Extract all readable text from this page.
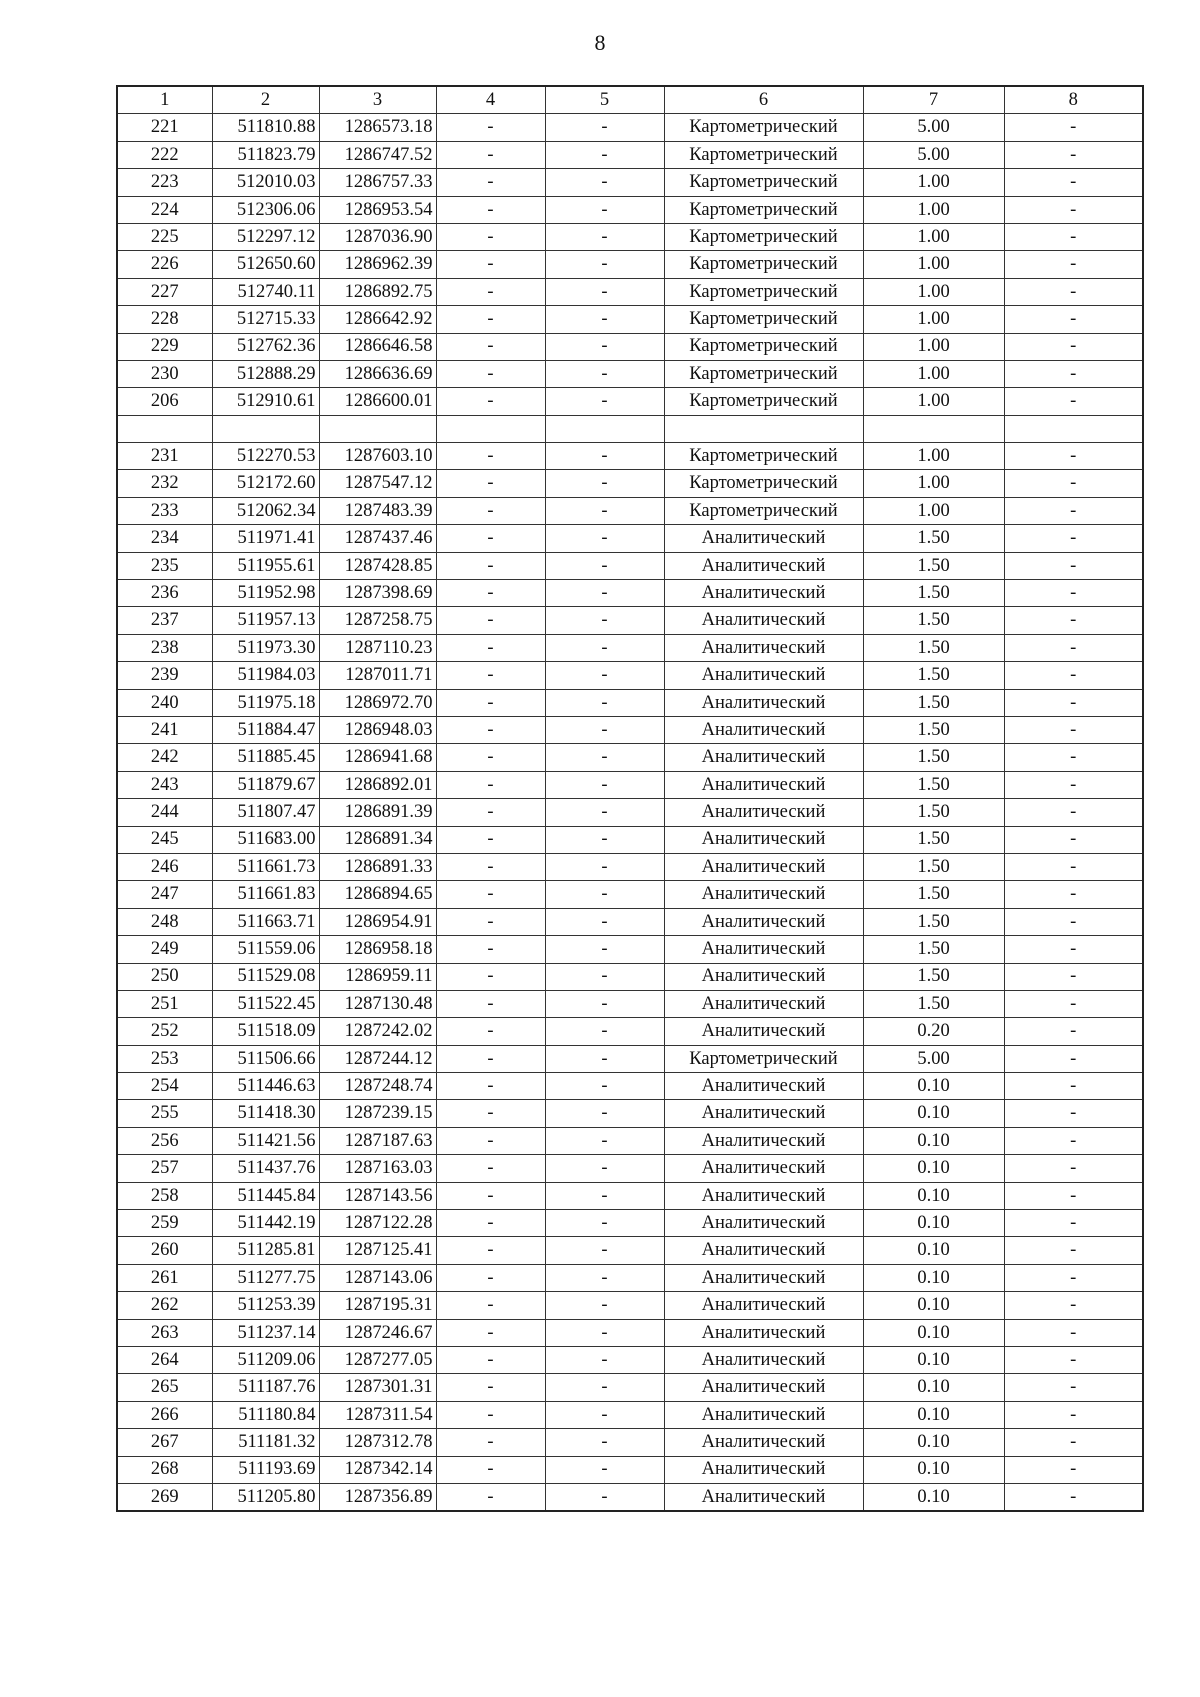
8
1	2	3	4	5	6	7	8
221	511810.88	1286573.18	-	-	Картометрический	5.00	-
222	511823.79	1286747.52	-	-	Картометрический	5.00	-
223	512010.03	1286757.33	-	-	Картометрический	1.00	-
224	512306.06	1286953.54	-	-	Картометрический	1.00	-
225	512297.12	1287036.90	-	-	Картометрический	1.00	-
226	512650.60	1286962.39	-	-	Картометрический	1.00	-
227	512740.11	1286892.75	-	-	Картометрический	1.00	-
228	512715.33	1286642.92	-	-	Картометрический	1.00	-
229	512762.36	1286646.58	-	-	Картометрический	1.00	-
230	512888.29	1286636.69	-	-	Картометрический	1.00	-
206	512910.61	1286600.01	-	-	Картометрический	1.00	-

231	512270.53	1287603.10	-	-	Картометрический	1.00	-
232	512172.60	1287547.12	-	-	Картометрический	1.00	-
233	512062.34	1287483.39	-	-	Картометрический	1.00	-
234	511971.41	1287437.46	-	-	Аналитический	1.50	-
235	511955.61	1287428.85	-	-	Аналитический	1.50	-
236	511952.98	1287398.69	-	-	Аналитический	1.50	-
237	511957.13	1287258.75	-	-	Аналитический	1.50	-
238	511973.30	1287110.23	-	-	Аналитический	1.50	-
239	511984.03	1287011.71	-	-	Аналитический	1.50	-
240	511975.18	1286972.70	-	-	Аналитический	1.50	-
241	511884.47	1286948.03	-	-	Аналитический	1.50	-
242	511885.45	1286941.68	-	-	Аналитический	1.50	-
243	511879.67	1286892.01	-	-	Аналитический	1.50	-
244	511807.47	1286891.39	-	-	Аналитический	1.50	-
245	511683.00	1286891.34	-	-	Аналитический	1.50	-
246	511661.73	1286891.33	-	-	Аналитический	1.50	-
247	511661.83	1286894.65	-	-	Аналитический	1.50	-
248	511663.71	1286954.91	-	-	Аналитический	1.50	-
249	511559.06	1286958.18	-	-	Аналитический	1.50	-
250	511529.08	1286959.11	-	-	Аналитический	1.50	-
251	511522.45	1287130.48	-	-	Аналитический	1.50	-
252	511518.09	1287242.02	-	-	Аналитический	0.20	-
253	511506.66	1287244.12	-	-	Картометрический	5.00	-
254	511446.63	1287248.74	-	-	Аналитический	0.10	-
255	511418.30	1287239.15	-	-	Аналитический	0.10	-
256	511421.56	1287187.63	-	-	Аналитический	0.10	-
257	511437.76	1287163.03	-	-	Аналитический	0.10	-
258	511445.84	1287143.56	-	-	Аналитический	0.10	-
259	511442.19	1287122.28	-	-	Аналитический	0.10	-
260	511285.81	1287125.41	-	-	Аналитический	0.10	-
261	511277.75	1287143.06	-	-	Аналитический	0.10	-
262	511253.39	1287195.31	-	-	Аналитический	0.10	-
263	511237.14	1287246.67	-	-	Аналитический	0.10	-
264	511209.06	1287277.05	-	-	Аналитический	0.10	-
265	511187.76	1287301.31	-	-	Аналитический	0.10	-
266	511180.84	1287311.54	-	-	Аналитический	0.10	-
267	511181.32	1287312.78	-	-	Аналитический	0.10	-
268	511193.69	1287342.14	-	-	Аналитический	0.10	-
269	511205.80	1287356.89	-	-	Аналитический	0.10	-
